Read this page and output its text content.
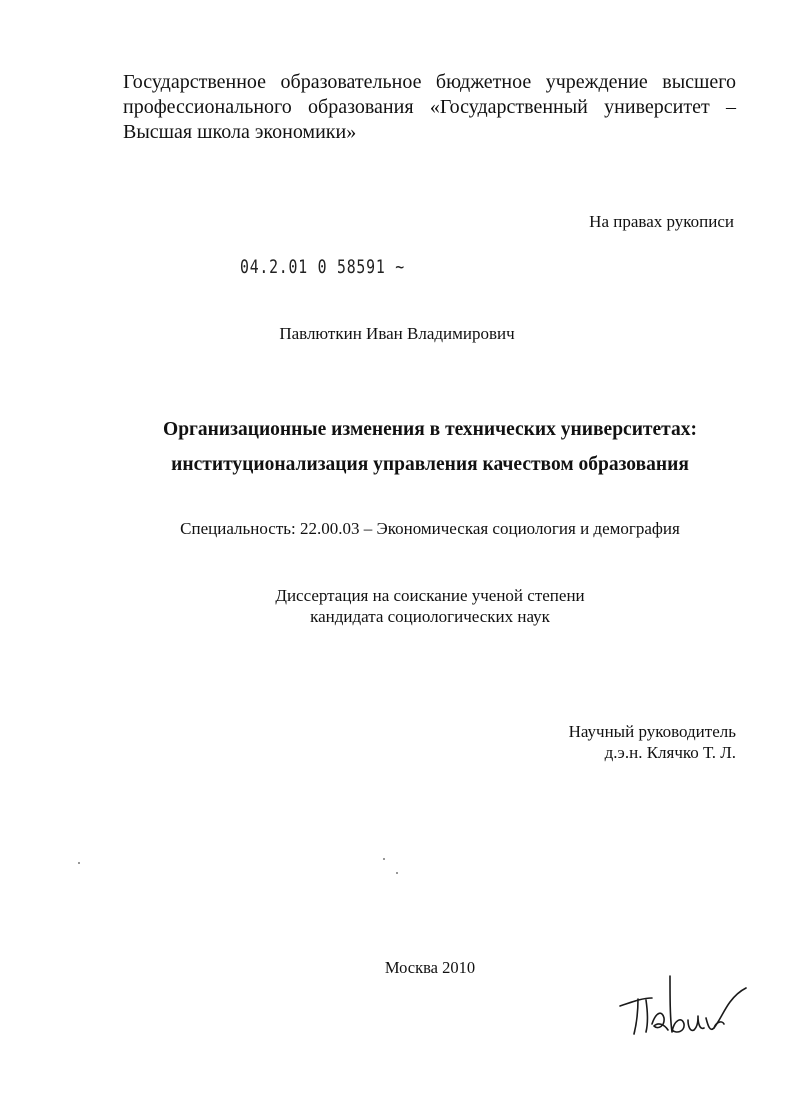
Государственное образовательное бюджетное учреждение высшего профессионального образования «Государственный университет – Высшая школа экономики»
На правах рукописи
04.2.01 0 58591 ~
Павлюткин Иван Владимирович
Организационные изменения в технических университетах:
институционализация управления качеством образования
Специальность: 22.00.03 – Экономическая социология и демография
Диссертация на соискание ученой степени
кандидата социологических наук
Научный руководитель
д.э.н. Клячко Т. Л.
Москва 2010
